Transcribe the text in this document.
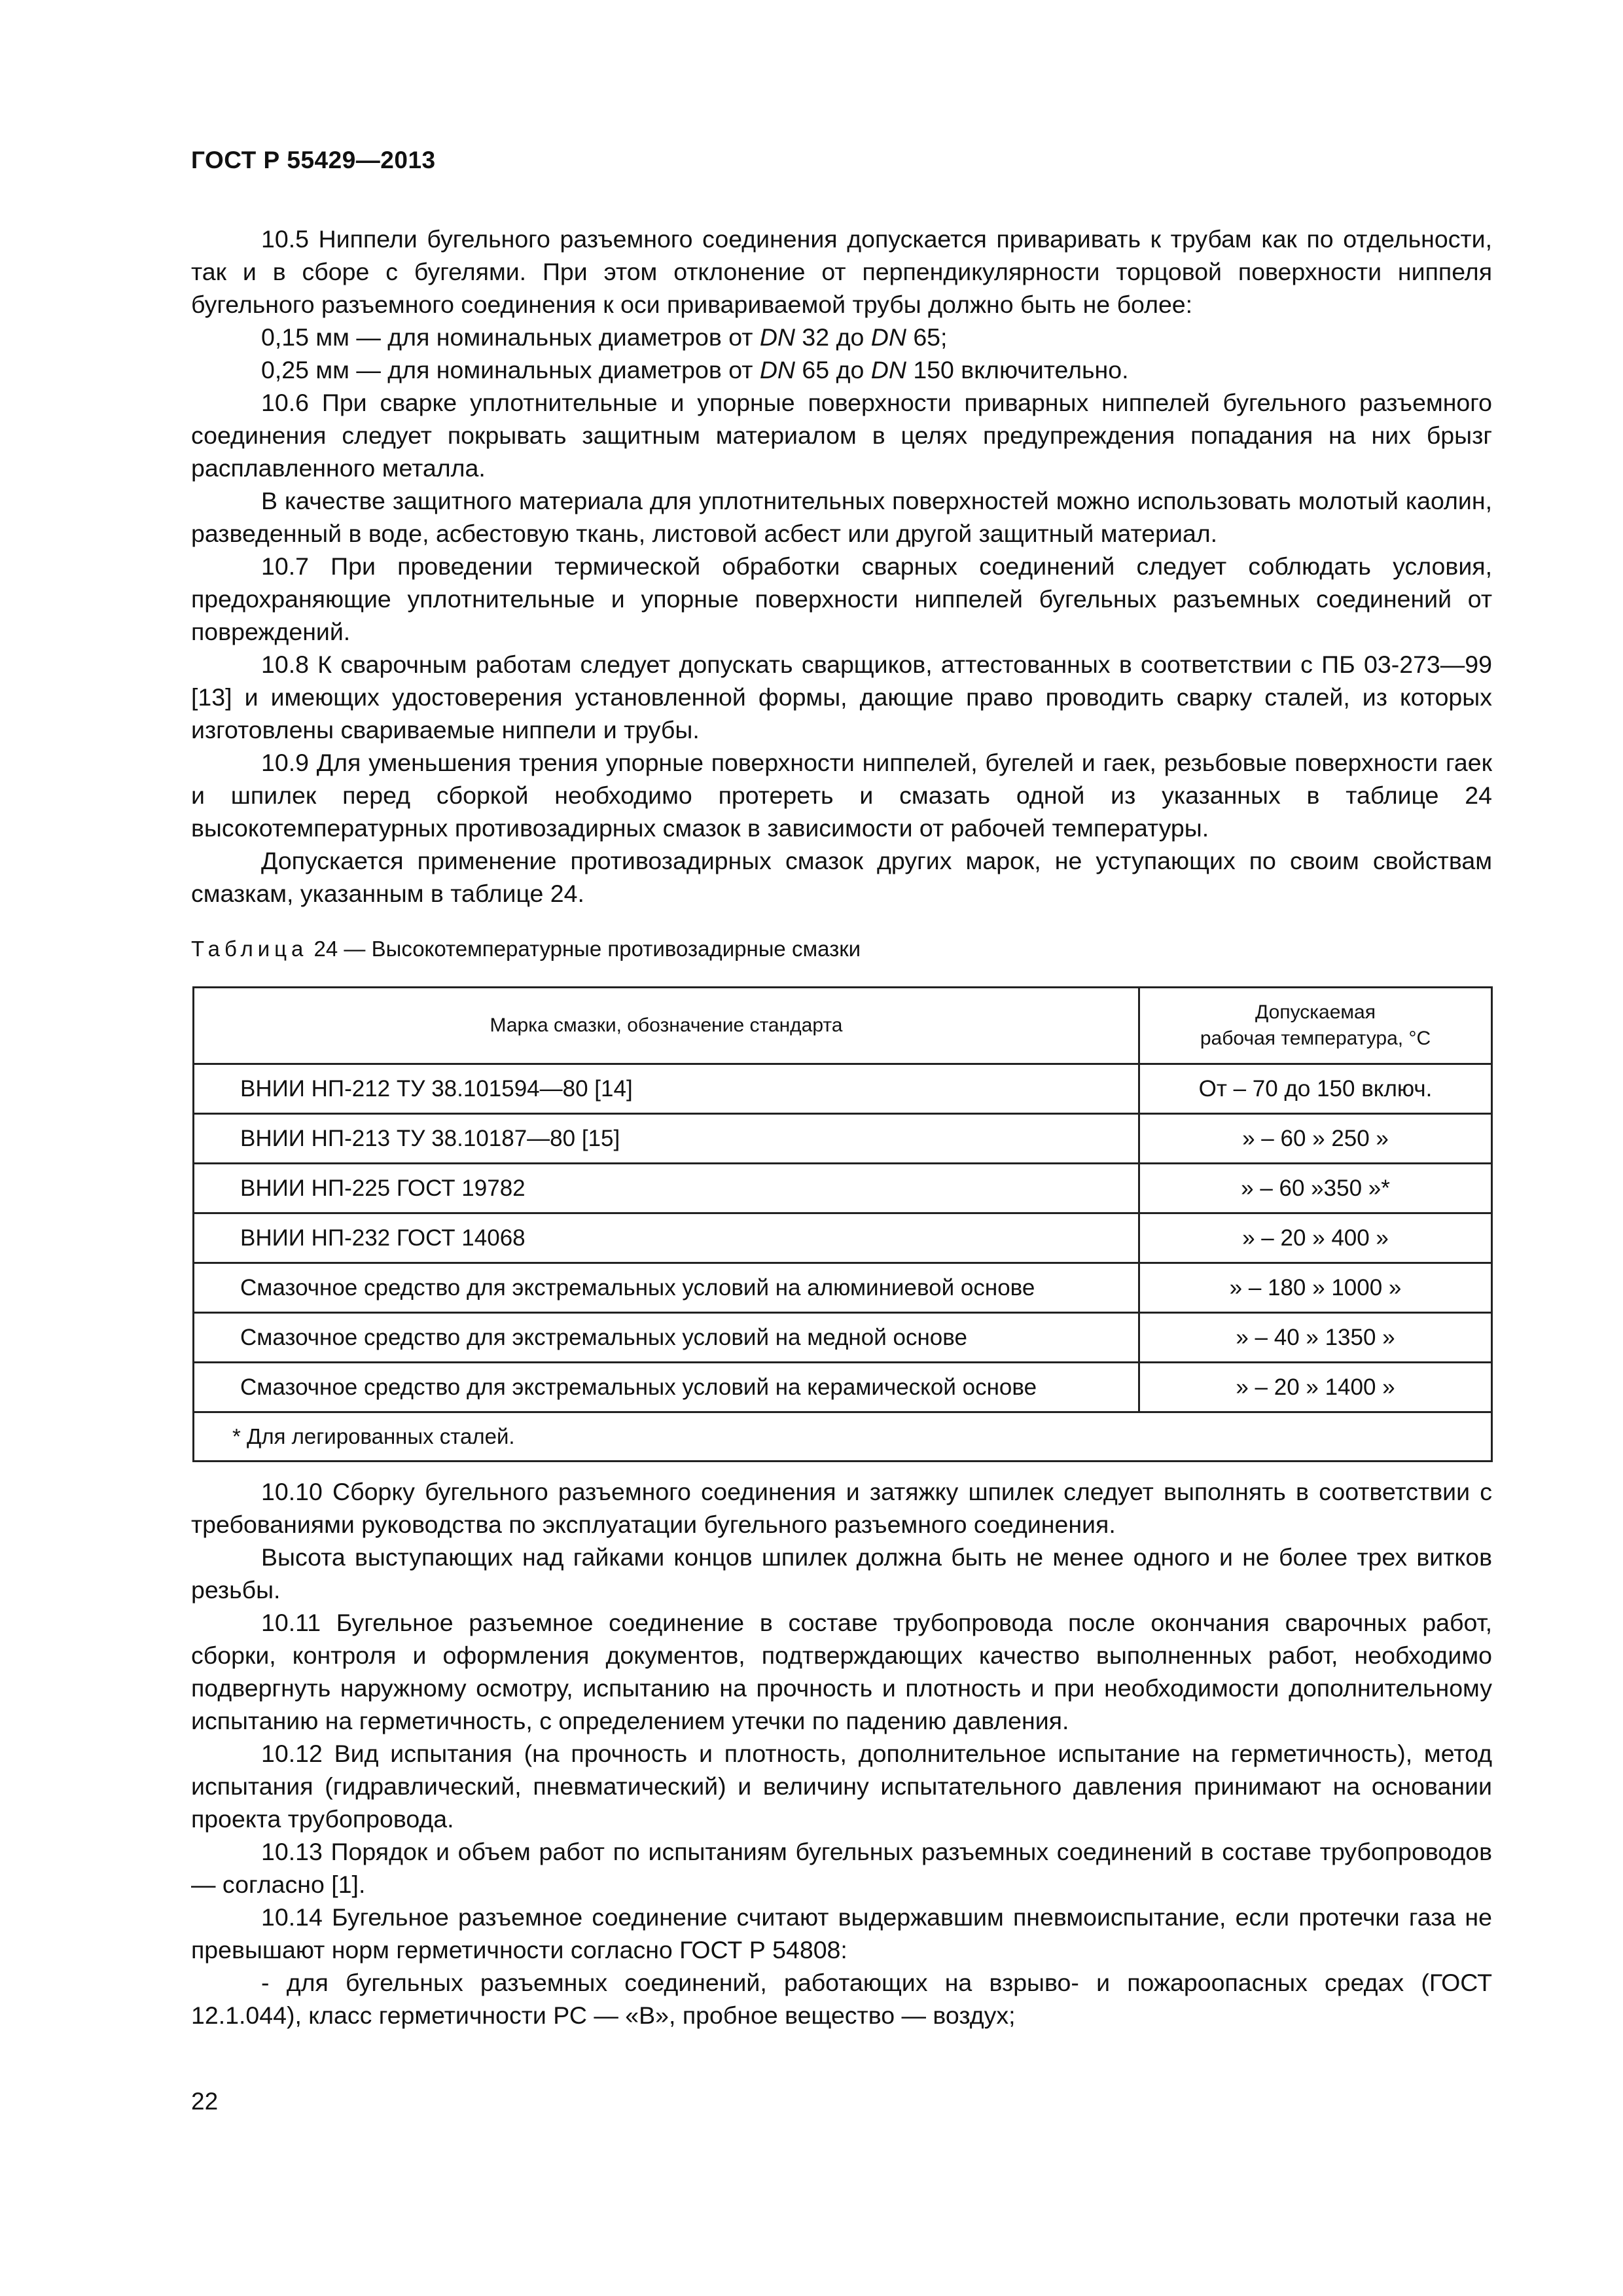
ГОСТ Р 55429—2013

10.5 Ниппели бугельного разъемного соединения допускается приваривать к трубам как по отдельности, так и в сборе с бугелями. При этом отклонение от перпендикулярности торцовой поверхности ниппеля бугельного разъемного соединения к оси привариваемой трубы должно быть не более:

0,15 мм — для номинальных диаметров от DN 32 до DN 65;

0,25 мм — для номинальных диаметров от DN 65 до DN 150 включительно.

10.6 При сварке уплотнительные и упорные поверхности приварных ниппелей бугельного разъемного соединения следует покрывать защитным материалом в целях предупреждения попадания на них брызг расплавленного металла.

В качестве защитного материала для уплотнительных поверхностей можно использовать молотый каолин, разведенный в воде, асбестовую ткань, листовой асбест или другой защитный материал.

10.7 При проведении термической обработки сварных соединений следует соблюдать условия, предохраняющие уплотнительные и упорные поверхности ниппелей бугельных разъемных соединений от повреждений.

10.8 К сварочным работам следует допускать сварщиков, аттестованных в соответствии с ПБ 03-273—99 [13] и имеющих удостоверения установленной формы, дающие право проводить сварку сталей, из которых изготовлены свариваемые ниппели и трубы.

10.9 Для уменьшения трения упорные поверхности ниппелей, бугелей и гаек, резьбовые поверхности гаек и шпилек перед сборкой необходимо протереть и смазать одной из указанных в таблице 24 высокотемпературных противозадирных смазок в зависимости от рабочей температуры.

Допускается применение противозадирных смазок других марок, не уступающих по своим свойствам смазкам, указанным в таблице 24.

Таблица 24 — Высокотемпературные противозадирные смазки
Марка смазки, обозначение стандарта	Допускаемая
рабочая температура, °С
ВНИИ НП-212 ТУ 38.101594—80 [14]	От – 70 до 150 включ.
ВНИИ НП-213 ТУ 38.10187—80 [15]	» – 60 » 250 »
ВНИИ НП-225 ГОСТ 19782	» – 60 »350 »*
ВНИИ НП-232 ГОСТ 14068	» – 20 » 400 »
Смазочное средство для экстремальных условий на алюминиевой основе	» – 180 » 1000 »
Смазочное средство для экстремальных условий на медной основе	» – 40 » 1350 »
Смазочное средство для экстремальных условий на керамической основе	» – 20 » 1400 »
* Для легированных сталей.	

10.10 Сборку бугельного разъемного соединения и затяжку шпилек следует выполнять в соответствии с требованиями руководства по эксплуатации бугельного разъемного соединения.

Высота выступающих над гайками концов шпилек должна быть не менее одного и не более трех витков резьбы.

10.11 Бугельное разъемное соединение в составе трубопровода после окончания сварочных работ, сборки, контроля и оформления документов, подтверждающих качество выполненных работ, необходимо подвергнуть наружному осмотру, испытанию на прочность и плотность и при необходимости дополнительному испытанию на герметичность, с определением утечки по падению давления.

10.12 Вид испытания (на прочность и плотность, дополнительное испытание на герметичность), метод испытания (гидравлический, пневматический) и величину испытательного давления принимают на основании проекта трубопровода.

10.13 Порядок и объем работ по испытаниям бугельных разъемных соединений в составе трубопроводов — согласно [1].

10.14 Бугельное разъемное соединение считают выдержавшим пневмоиспытание, если протечки газа не превышают норм герметичности согласно ГОСТ Р 54808:

- для бугельных разъемных соединений, работающих на взрыво- и пожароопасных средах (ГОСТ 12.1.044), класс герметичности РС — «В», пробное вещество — воздух;

22
